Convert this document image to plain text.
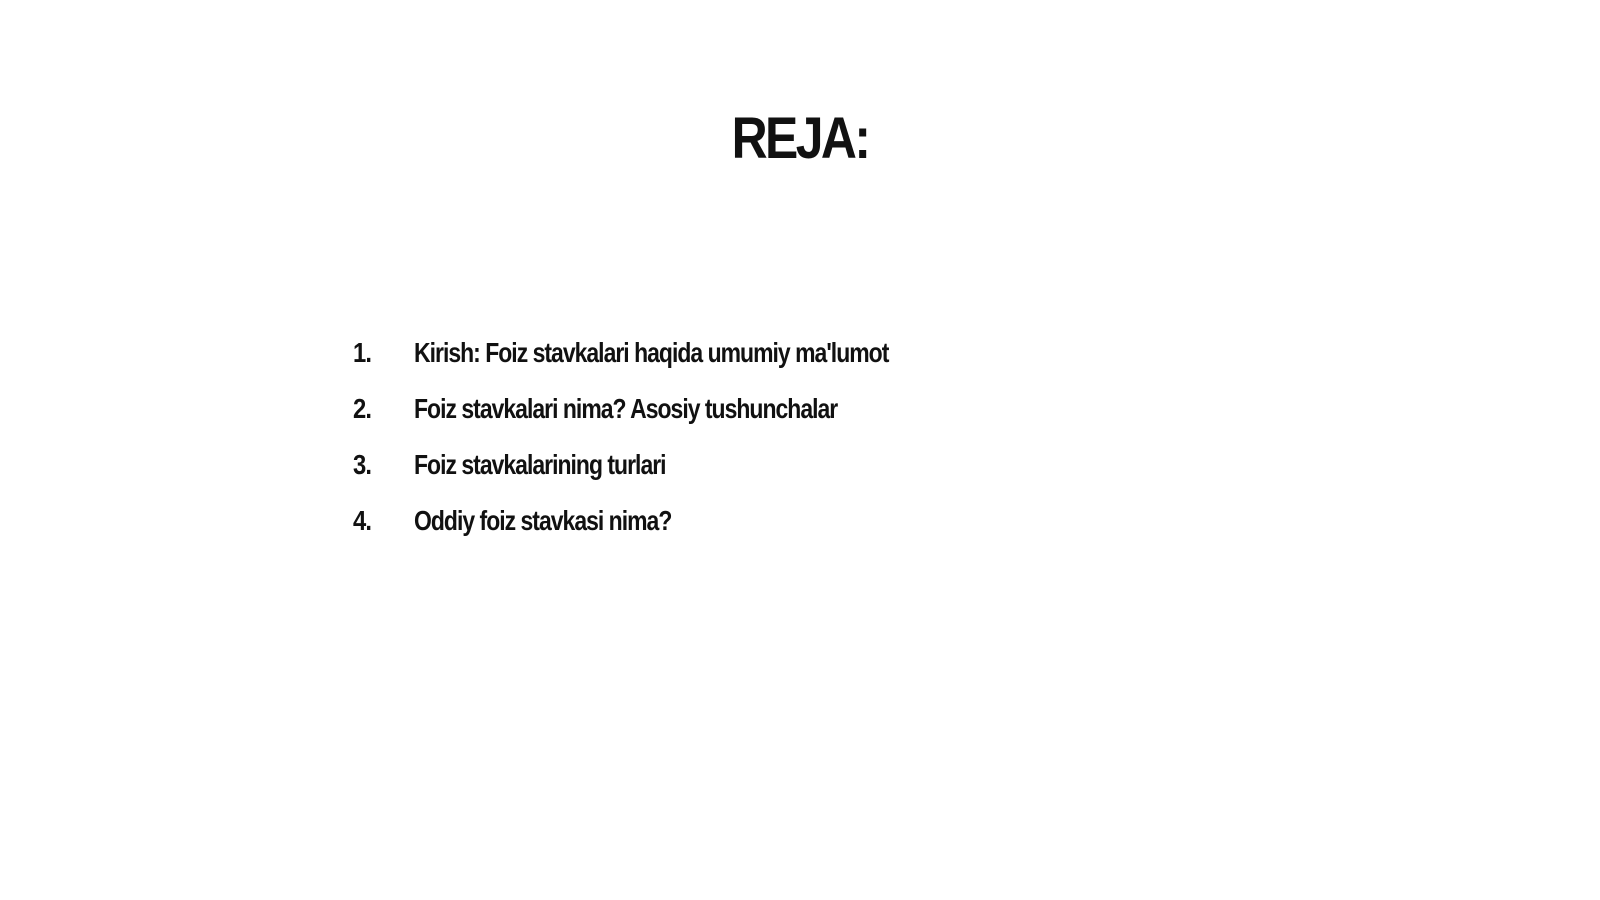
REJA:
1. Kirish: Foiz stavkalari haqida umumiy ma'lumot
2. Foiz stavkalari nima? Asosiy tushunchalar
3. Foiz stavkalarining turlari
4. Oddiy foiz stavkasi nima?
